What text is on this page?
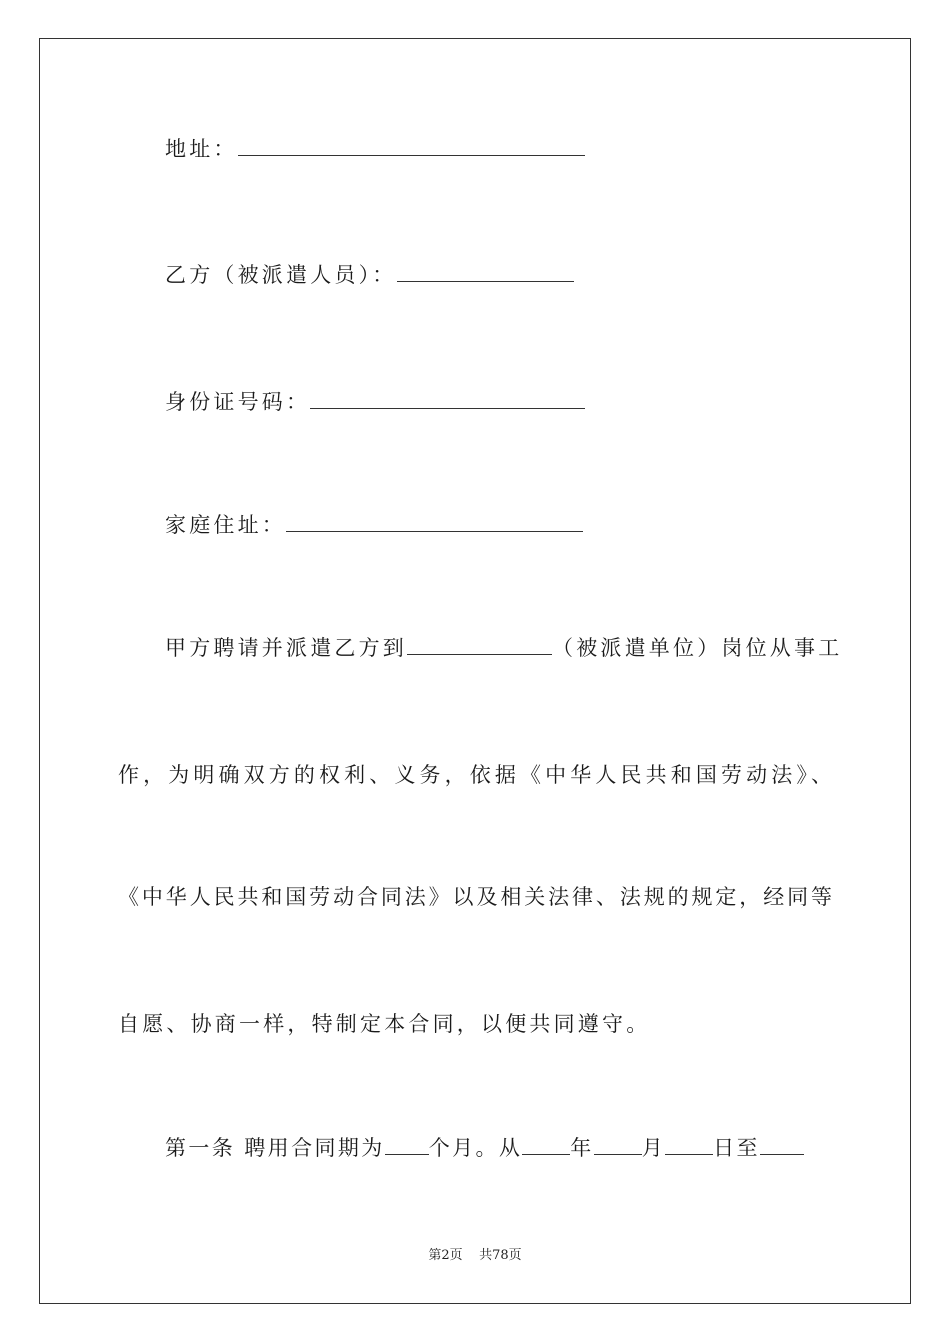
地址：
乙方（被派遣人员）：
身份证号码：
家庭住址：
甲方聘请并派遣乙方到	（被派遣单位）岗位从事工
作，为明确双方的权利、义务，依据《中华人民共和国劳动法》、
《中华人民共和国劳动合同法》以及相关法律、法规的规定，经同等
自愿、协商一样，特制定本合同，以便共同遵守。
第一条 聘用合同期为 个月。从 年 月 日至
第2页 共78页
